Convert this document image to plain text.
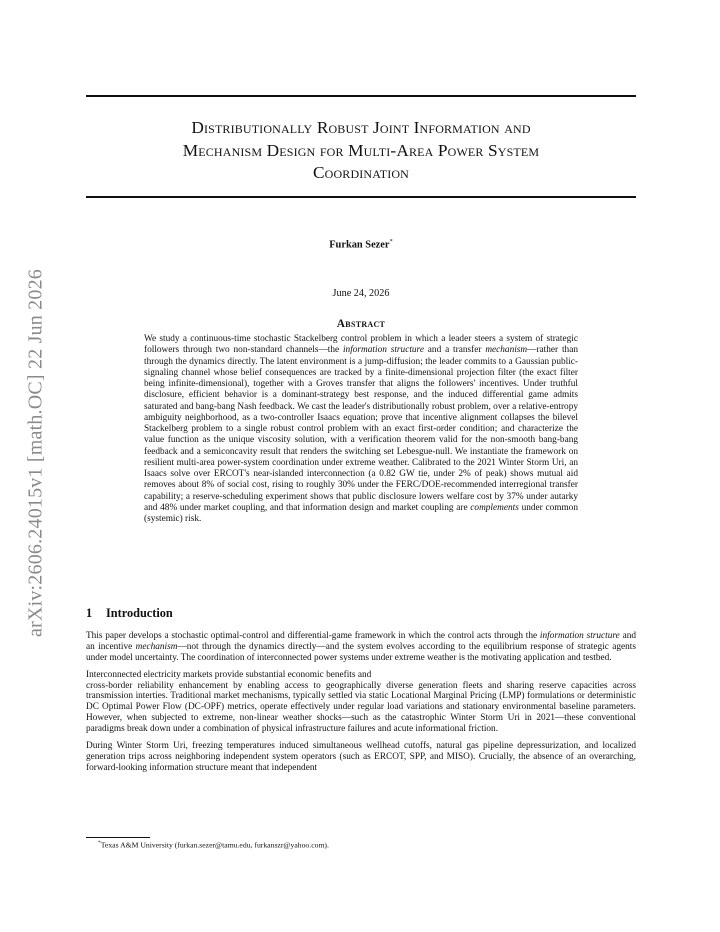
arXiv:2606.24015v1 [math.OC] 22 Jun 2026
Distributionally Robust Joint Information and
Mechanism Design for Multi-Area Power System
Coordination
Furkan Sezer*
June 24, 2026
Abstract
We study a continuous-time stochastic Stackelberg control problem in which a leader steers a system of strategic followers through two non-standard channels—the information structure and a transfer mechanism—rather than through the dynamics directly. The latent environment is a jump-diffusion; the leader commits to a Gaussian public-signaling channel whose belief consequences are tracked by a finite-dimensional projection filter (the exact filter being infinite-dimensional), together with a Groves transfer that aligns the followers' incentives. Under truthful disclosure, efficient behavior is a dominant-strategy best response, and the induced differential game admits saturated and bang-bang Nash feedback. We cast the leader's distributionally robust problem, over a relative-entropy ambiguity neighborhood, as a two-controller Isaacs equation; prove that incentive alignment collapses the bilevel Stackelberg problem to a single robust control problem with an exact first-order condition; and characterize the value function as the unique viscosity solution, with a verification theorem valid for the non-smooth bang-bang feedback and a semiconcavity result that renders the switching set Lebesgue-null. We instantiate the framework on resilient multi-area power-system coordination under extreme weather. Calibrated to the 2021 Winter Storm Uri, an Isaacs solve over ERCOT's near-islanded interconnection (a 0.82 GW tie, under 2% of peak) shows mutual aid removes about 8% of social cost, rising to roughly 30% under the FERC/DOE-recommended interregional transfer capability; a reserve-scheduling experiment shows that public disclosure lowers welfare cost by 37% under autarky and 48% under market coupling, and that information design and market coupling are complements under common (systemic) risk.
1 Introduction

This paper develops a stochastic optimal-control and differential-game framework in which the control acts through the information structure and an incentive mechanism—not through the dynamics directly—and the system evolves according to the equilibrium response of strategic agents under model uncertainty. The coordination of interconnected power systems under extreme weather is the motivating application and testbed.

Interconnected electricity markets provide substantial economic benefits and
cross-border reliability enhancement by enabling access to geographically diverse generation fleets and sharing reserve capacities across transmission interties. Traditional market mechanisms, typically settled via static Locational Marginal Pricing (LMP) formulations or deterministic DC Optimal Power Flow (DC-OPF) metrics, operate effectively under regular load variations and stationary environmental baseline parameters. However, when subjected to extreme, non-linear weather shocks—such as the catastrophic Winter Storm Uri in 2021—these conventional paradigms break down under a combination of physical infrastructure failures and acute informational friction.

During Winter Storm Uri, freezing temperatures induced simultaneous wellhead cutoffs, natural gas pipeline depressurization, and localized generation trips across neighboring independent system operators (such as ERCOT, SPP, and MISO). Crucially, the absence of an overarching, forward-looking information structure meant that independent

*Texas A&M University (furkan.sezer@tamu.edu, furkanszr@yahoo.com).
